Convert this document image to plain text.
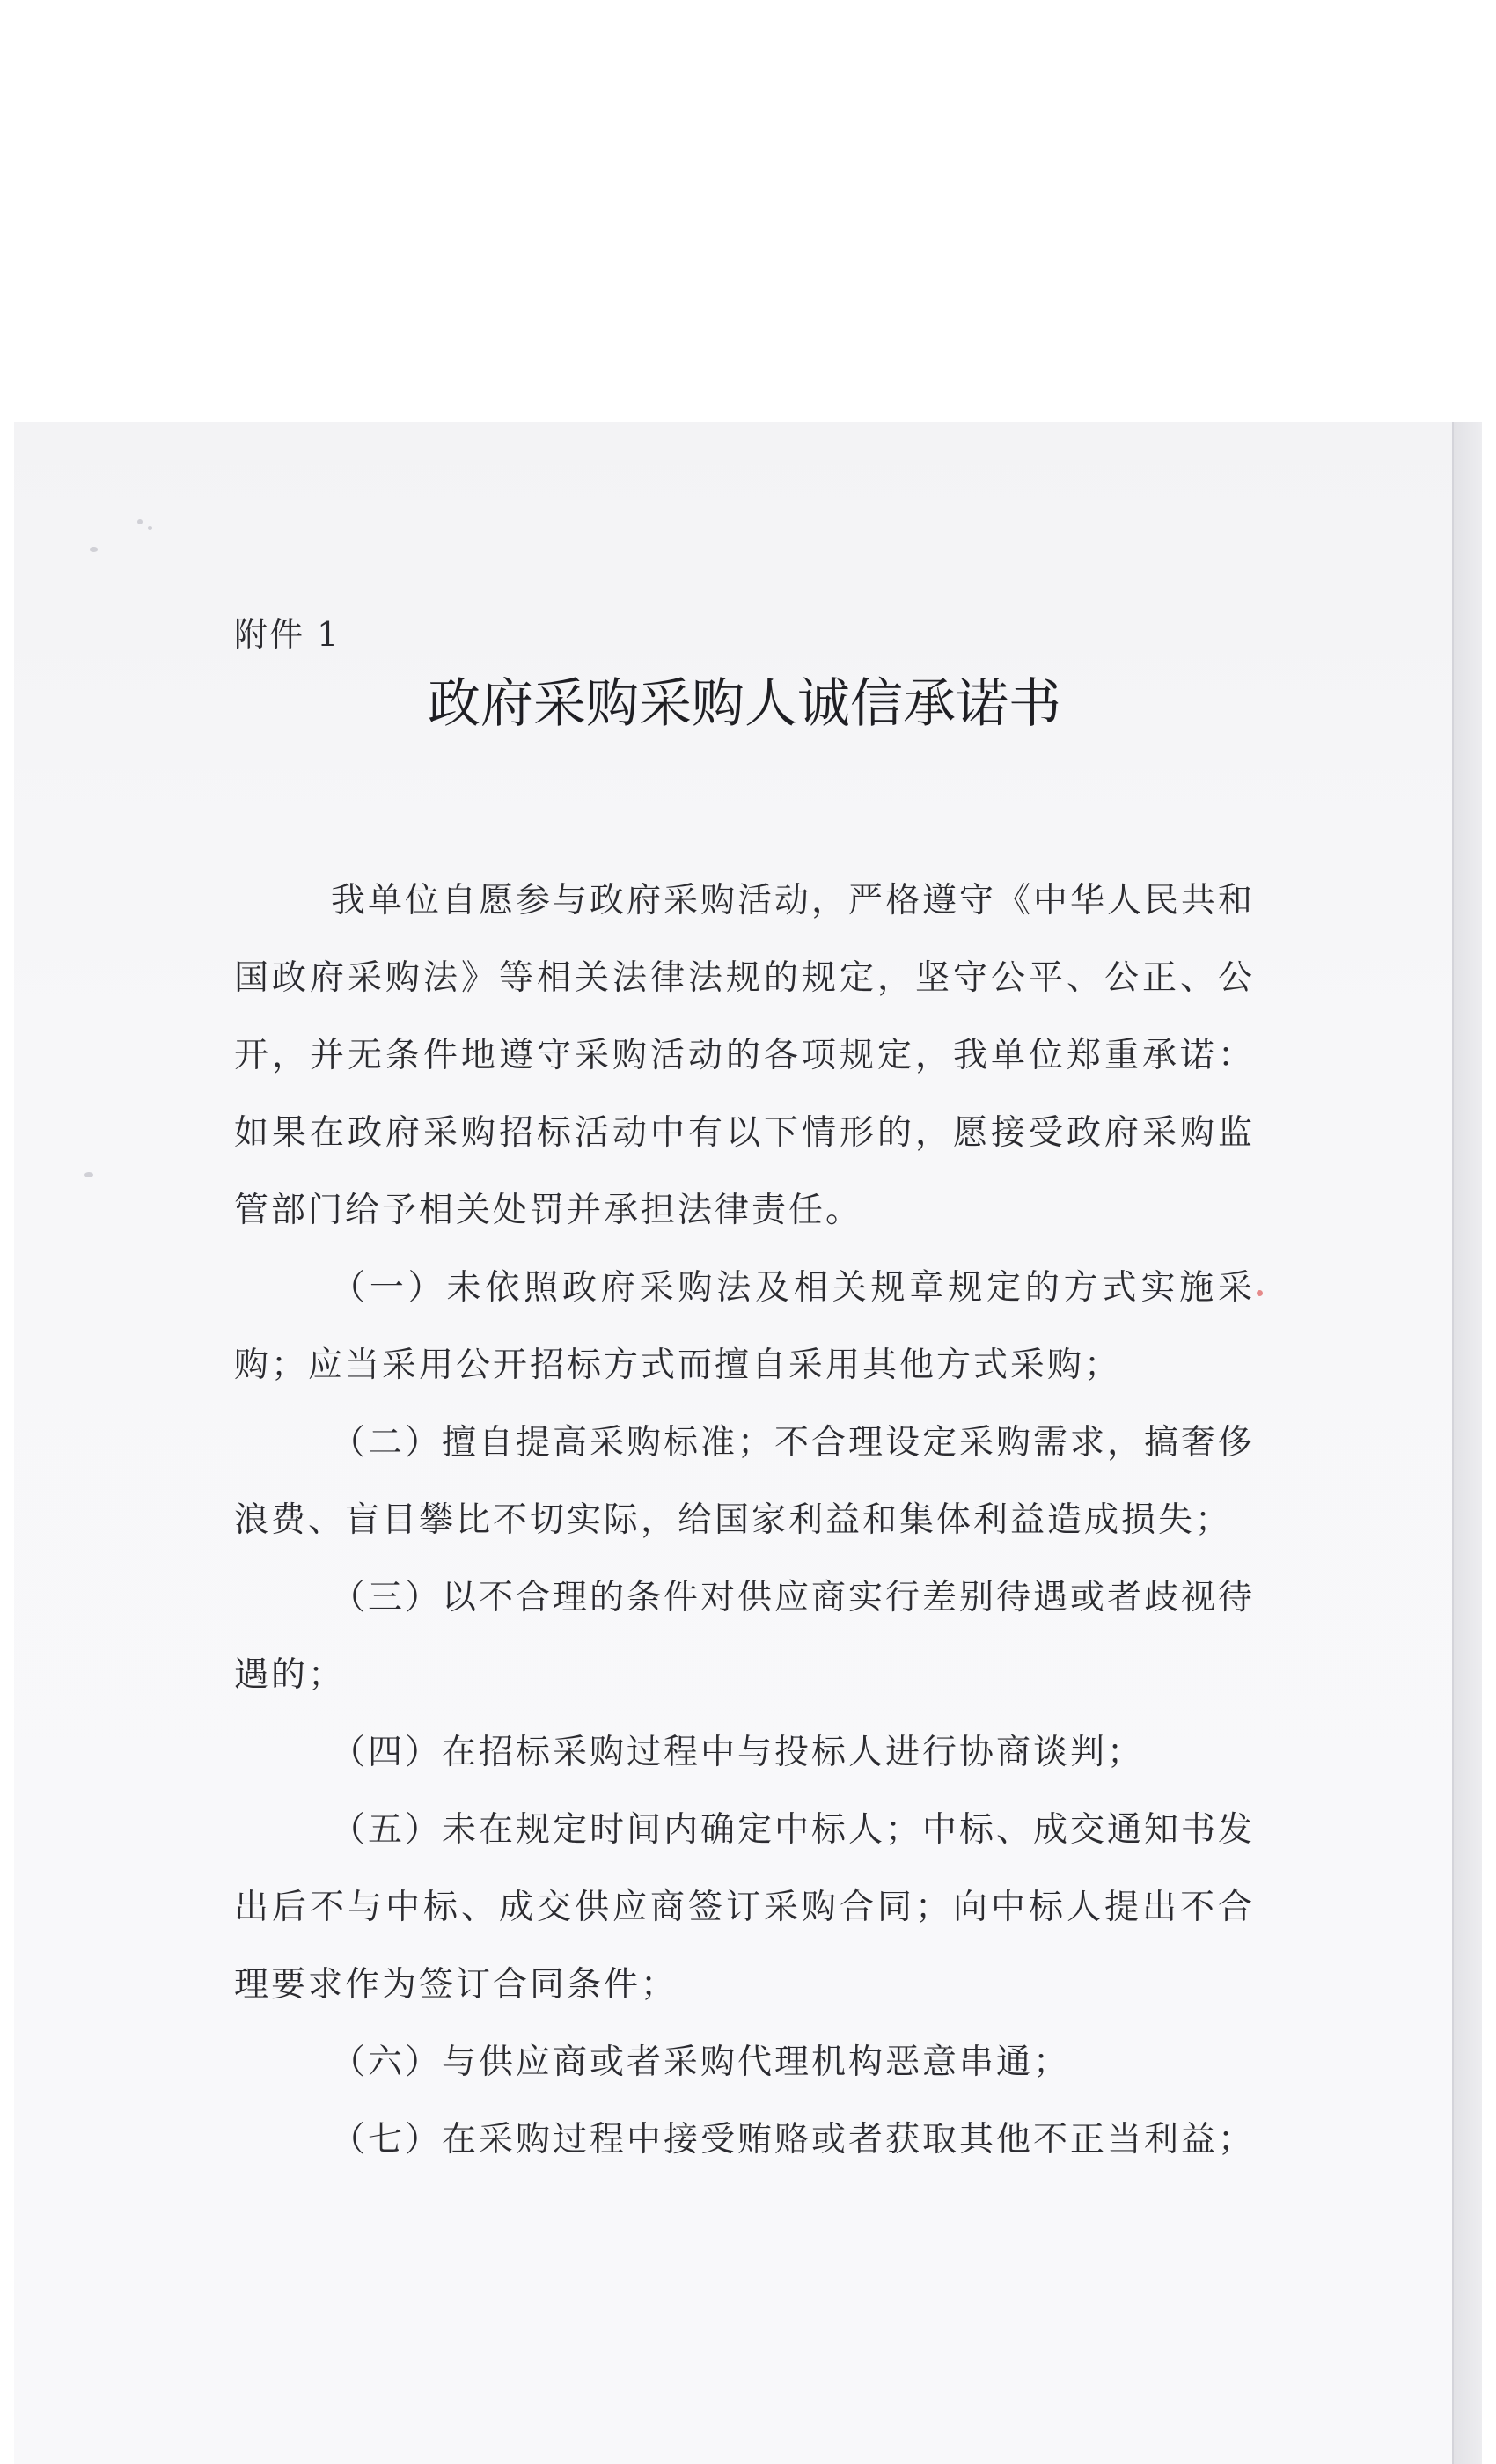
附件 1
政府采购采购人诚信承诺书

我单位自愿参与政府采购活动，严格遵守《中华人民共和国政府采购法》等相关法律法规的规定，坚守公平、公正、公开，并无条件地遵守采购活动的各项规定，我单位郑重承诺：如果在政府采购招标活动中有以下情形的，愿接受政府采购监管部门给予相关处罚并承担法律责任。

（一）未依照政府采购法及相关规章规定的方式实施采购；应当采用公开招标方式而擅自采用其他方式采购；

（二）擅自提高采购标准；不合理设定采购需求，搞奢侈浪费、盲目攀比不切实际，给国家利益和集体利益造成损失；

（三）以不合理的条件对供应商实行差别待遇或者歧视待遇的；

（四）在招标采购过程中与投标人进行协商谈判；

（五）未在规定时间内确定中标人；中标、成交通知书发出后不与中标、成交供应商签订采购合同；向中标人提出不合理要求作为签订合同条件；

（六）与供应商或者采购代理机构恶意串通；

（七）在采购过程中接受贿赂或者获取其他不正当利益；
